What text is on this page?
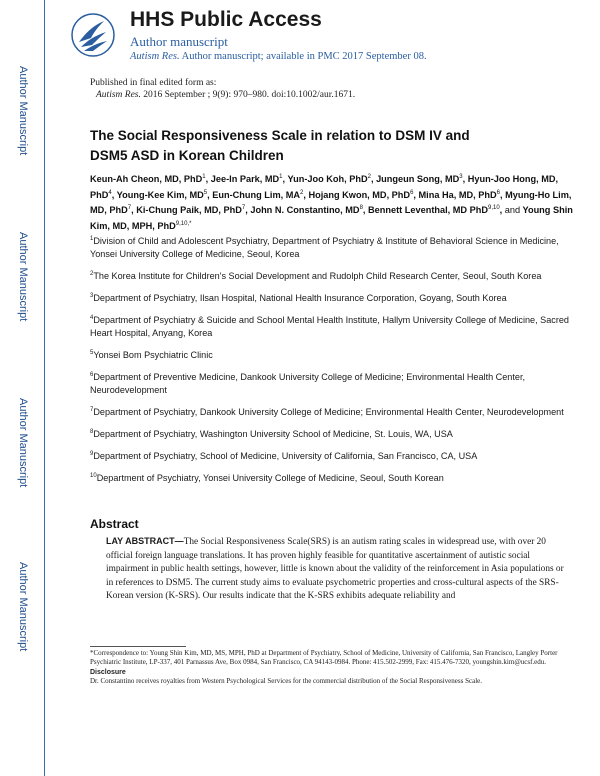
Author Manuscript
Author Manuscript
Author Manuscript
Author Manuscript
HHS Public Access
Author manuscript
Autism Res. Author manuscript; available in PMC 2017 September 08.
Published in final edited form as:
Autism Res. 2016 September ; 9(9): 970–980. doi:10.1002/aur.1671.
The Social Responsiveness Scale in relation to DSM IV and
DSM5 ASD in Korean Children
Keun-Ah Cheon, MD, PhD$^1$, Jee-In Park, $MD^1$, Yun-Joo Koh, PhD$^2$, Jungeun Song, $MD^3$, Hyun-Joo Hong, MD, PhD$^4$, Young-Kee Kim, $MD^5$, Eun-Chung Lim, $MA^2$, Hojang Kwon, MD, PhD$^6$, Mina Ha, MD, PhD$^6$, Myung-Ho Lim, MD, PhD$^7$, Ki-Chung Paik, MD, PhD$^7$, John N. Constantino, $MD^8$, Bennett Leventhal, MD PhD$^{9,10}$, and Young Shin Kim, MD, MPH, PhD$^{9,10,*}$
$^1$Division of Child and Adolescent Psychiatry, Department of Psychiatry & Institute of Behavioral Science in Medicine, Yonsei University College of Medicine, Seoul, Korea
$^2$The Korea Institute for Children's Social Development and Rudolph Child Research Center, Seoul, South Korea
$^3$Department of Psychiatry, Ilsan Hospital, National Health Insurance Corporation, Goyang, South Korea
$^4$Department of Psychiatry & Suicide and School Mental Health Institute, Hallym University College of Medicine, Sacred Heart Hospital, Anyang, Korea
$^5$Yonsei Bom Psychiatric Clinic
$^6$Department of Preventive Medicine, Dankook University College of Medicine; Environmental Health Center, Neurodevelopment
$^7$Department of Psychiatry, Dankook University College of Medicine; Environmental Health Center, Neurodevelopment
$^8$Department of Psychiatry, Washington University School of Medicine, St. Louis, WA, USA
$^9$Department of Psychiatry, School of Medicine, University of California, San Francisco, CA, USA
$^{10}$Department of Psychiatry, Yonsei University College of Medicine, Seoul, South Korean
Abstract
LAY ABSTRACT—The Social Responsiveness Scale(SRS) is an autism rating scales in widespread use, with over 20 official foreign language translations. It has proven highly feasible for quantitative ascertainment of autistic social impairment in public health settings, however, little is known about the validity of the reinforcement in Asia populations or in references to DSM5. The current study aims to evaluate psychometric properties and cross-cultural aspects of the SRS-Korean version (K-SRS). Our results indicate that the K-SRS exhibits adequate reliability and
*Correspondence to: Young Shin Kim, MD, MS, MPH, PhD at Department of Psychiatry, School of Medicine, University of California, San Francisco, Langley Porter Psychiatric Institute, LP-337, 401 Parnassus Ave, Box 0984, San Francisco, CA 94143-0984. Phone: 415.502-2999, Fax: 415.476-7320, youngshin.kim@ucsf.edu.
Disclosure
Dr. Constantino receives royalties from Western Psychological Services for the commercial distribution of the Social Responsiveness Scale.
